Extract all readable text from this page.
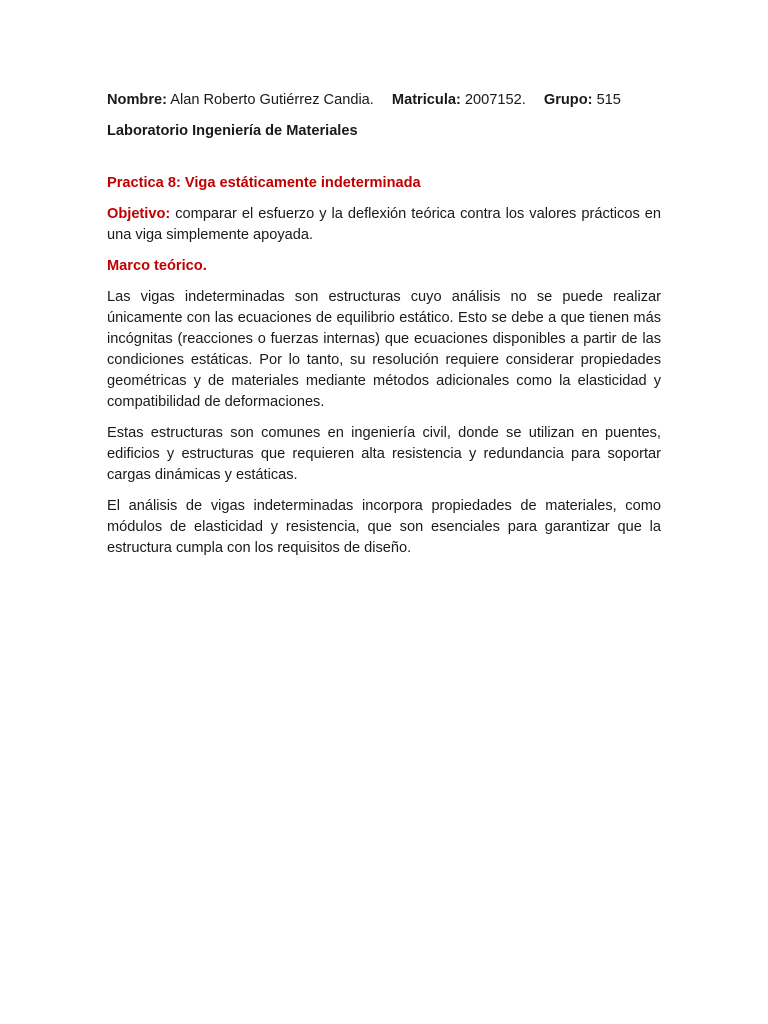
Nombre: Alan Roberto Gutiérrez Candia. Matricula: 2007152. Grupo: 515

Laboratorio Ingeniería de Materiales

Practica 8: Viga estáticamente indeterminada

Objetivo: comparar el esfuerzo y la deflexión teórica contra los valores prácticos en una viga simplemente apoyada.

Marco teórico.

Las vigas indeterminadas son estructuras cuyo análisis no se puede realizar únicamente con las ecuaciones de equilibrio estático. Esto se debe a que tienen más incógnitas (reacciones o fuerzas internas) que ecuaciones disponibles a partir de las condiciones estáticas. Por lo tanto, su resolución requiere considerar propiedades geométricas y de materiales mediante métodos adicionales como la elasticidad y compatibilidad de deformaciones.

Estas estructuras son comunes en ingeniería civil, donde se utilizan en puentes, edificios y estructuras que requieren alta resistencia y redundancia para soportar cargas dinámicas y estáticas.

El análisis de vigas indeterminadas incorpora propiedades de materiales, como módulos de elasticidad y resistencia, que son esenciales para garantizar que la estructura cumpla con los requisitos de diseño.
